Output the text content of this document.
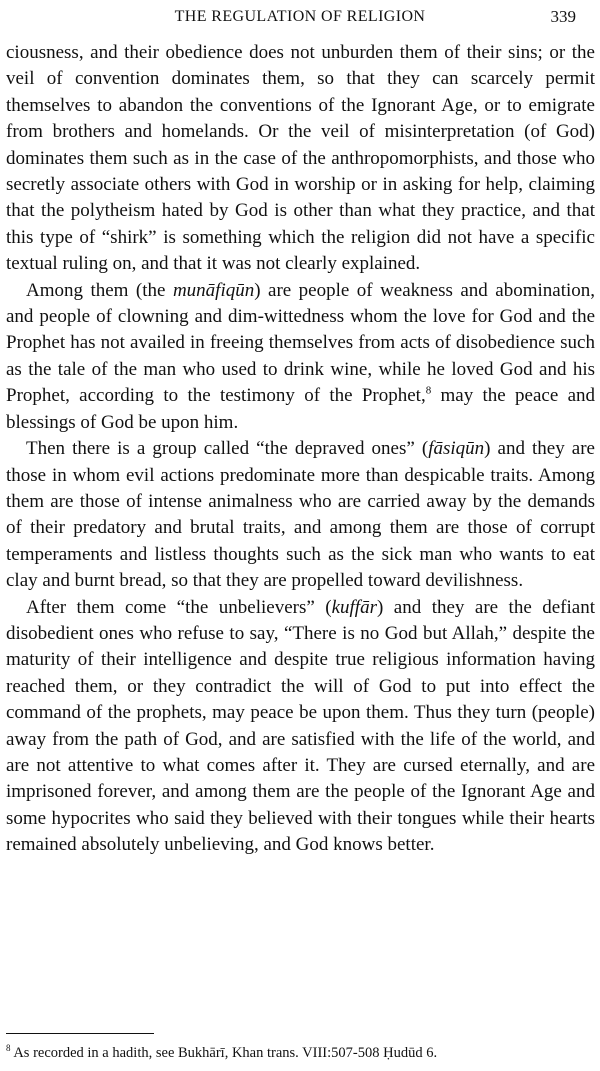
THE REGULATION OF RELIGION	339

ciousness, and their obedience does not unburden them of their sins; or the veil of convention dominates them, so that they can scarcely permit themselves to abandon the conventions of the Ignorant Age, or to emigrate from brothers and homelands. Or the veil of misinterpretation (of God) dominates them such as in the case of the anthropomorphists, and those who secretly associate others with God in worship or in asking for help, claiming that the polytheism hated by God is other than what they practice, and that this type of “shirk” is something which the religion did not have a specific textual ruling on, and that it was not clearly explained.

Among them (the munāfiqūn) are people of weakness and abomination, and people of clowning and dim-wittedness whom the love for God and the Prophet has not availed in freeing themselves from acts of disobedience such as the tale of the man who used to drink wine, while he loved God and his Prophet, according to the testimony of the Prophet,$^8$ may the peace and blessings of God be upon him.

Then there is a group called “the depraved ones” (fāsiqūn) and they are those in whom evil actions predominate more than despicable traits. Among them are those of intense animalness who are carried away by the demands of their predatory and brutal traits, and among them are those of corrupt temperaments and listless thoughts such as the sick man who wants to eat clay and burnt bread, so that they are propelled toward devilishness.

After them come “the unbelievers” (kuffār) and they are the defiant disobedient ones who refuse to say, “There is no God but Allah,” despite the maturity of their intelligence and despite true religious information having reached them, or they contradict the will of God to put into effect the command of the prophets, may peace be upon them. Thus they turn (people) away from the path of God, and are satisfied with the life of the world, and are not attentive to what comes after it. They are cursed eternally, and are imprisoned forever, and among them are the people of the Ignorant Age and some hypocrites who said they believed with their tongues while their hearts remained absolutely unbelieving, and God knows better.

$^8$ As recorded in a hadith, see Bukhārī, Khan trans. VIII:507-508 Ḥudūd 6.
